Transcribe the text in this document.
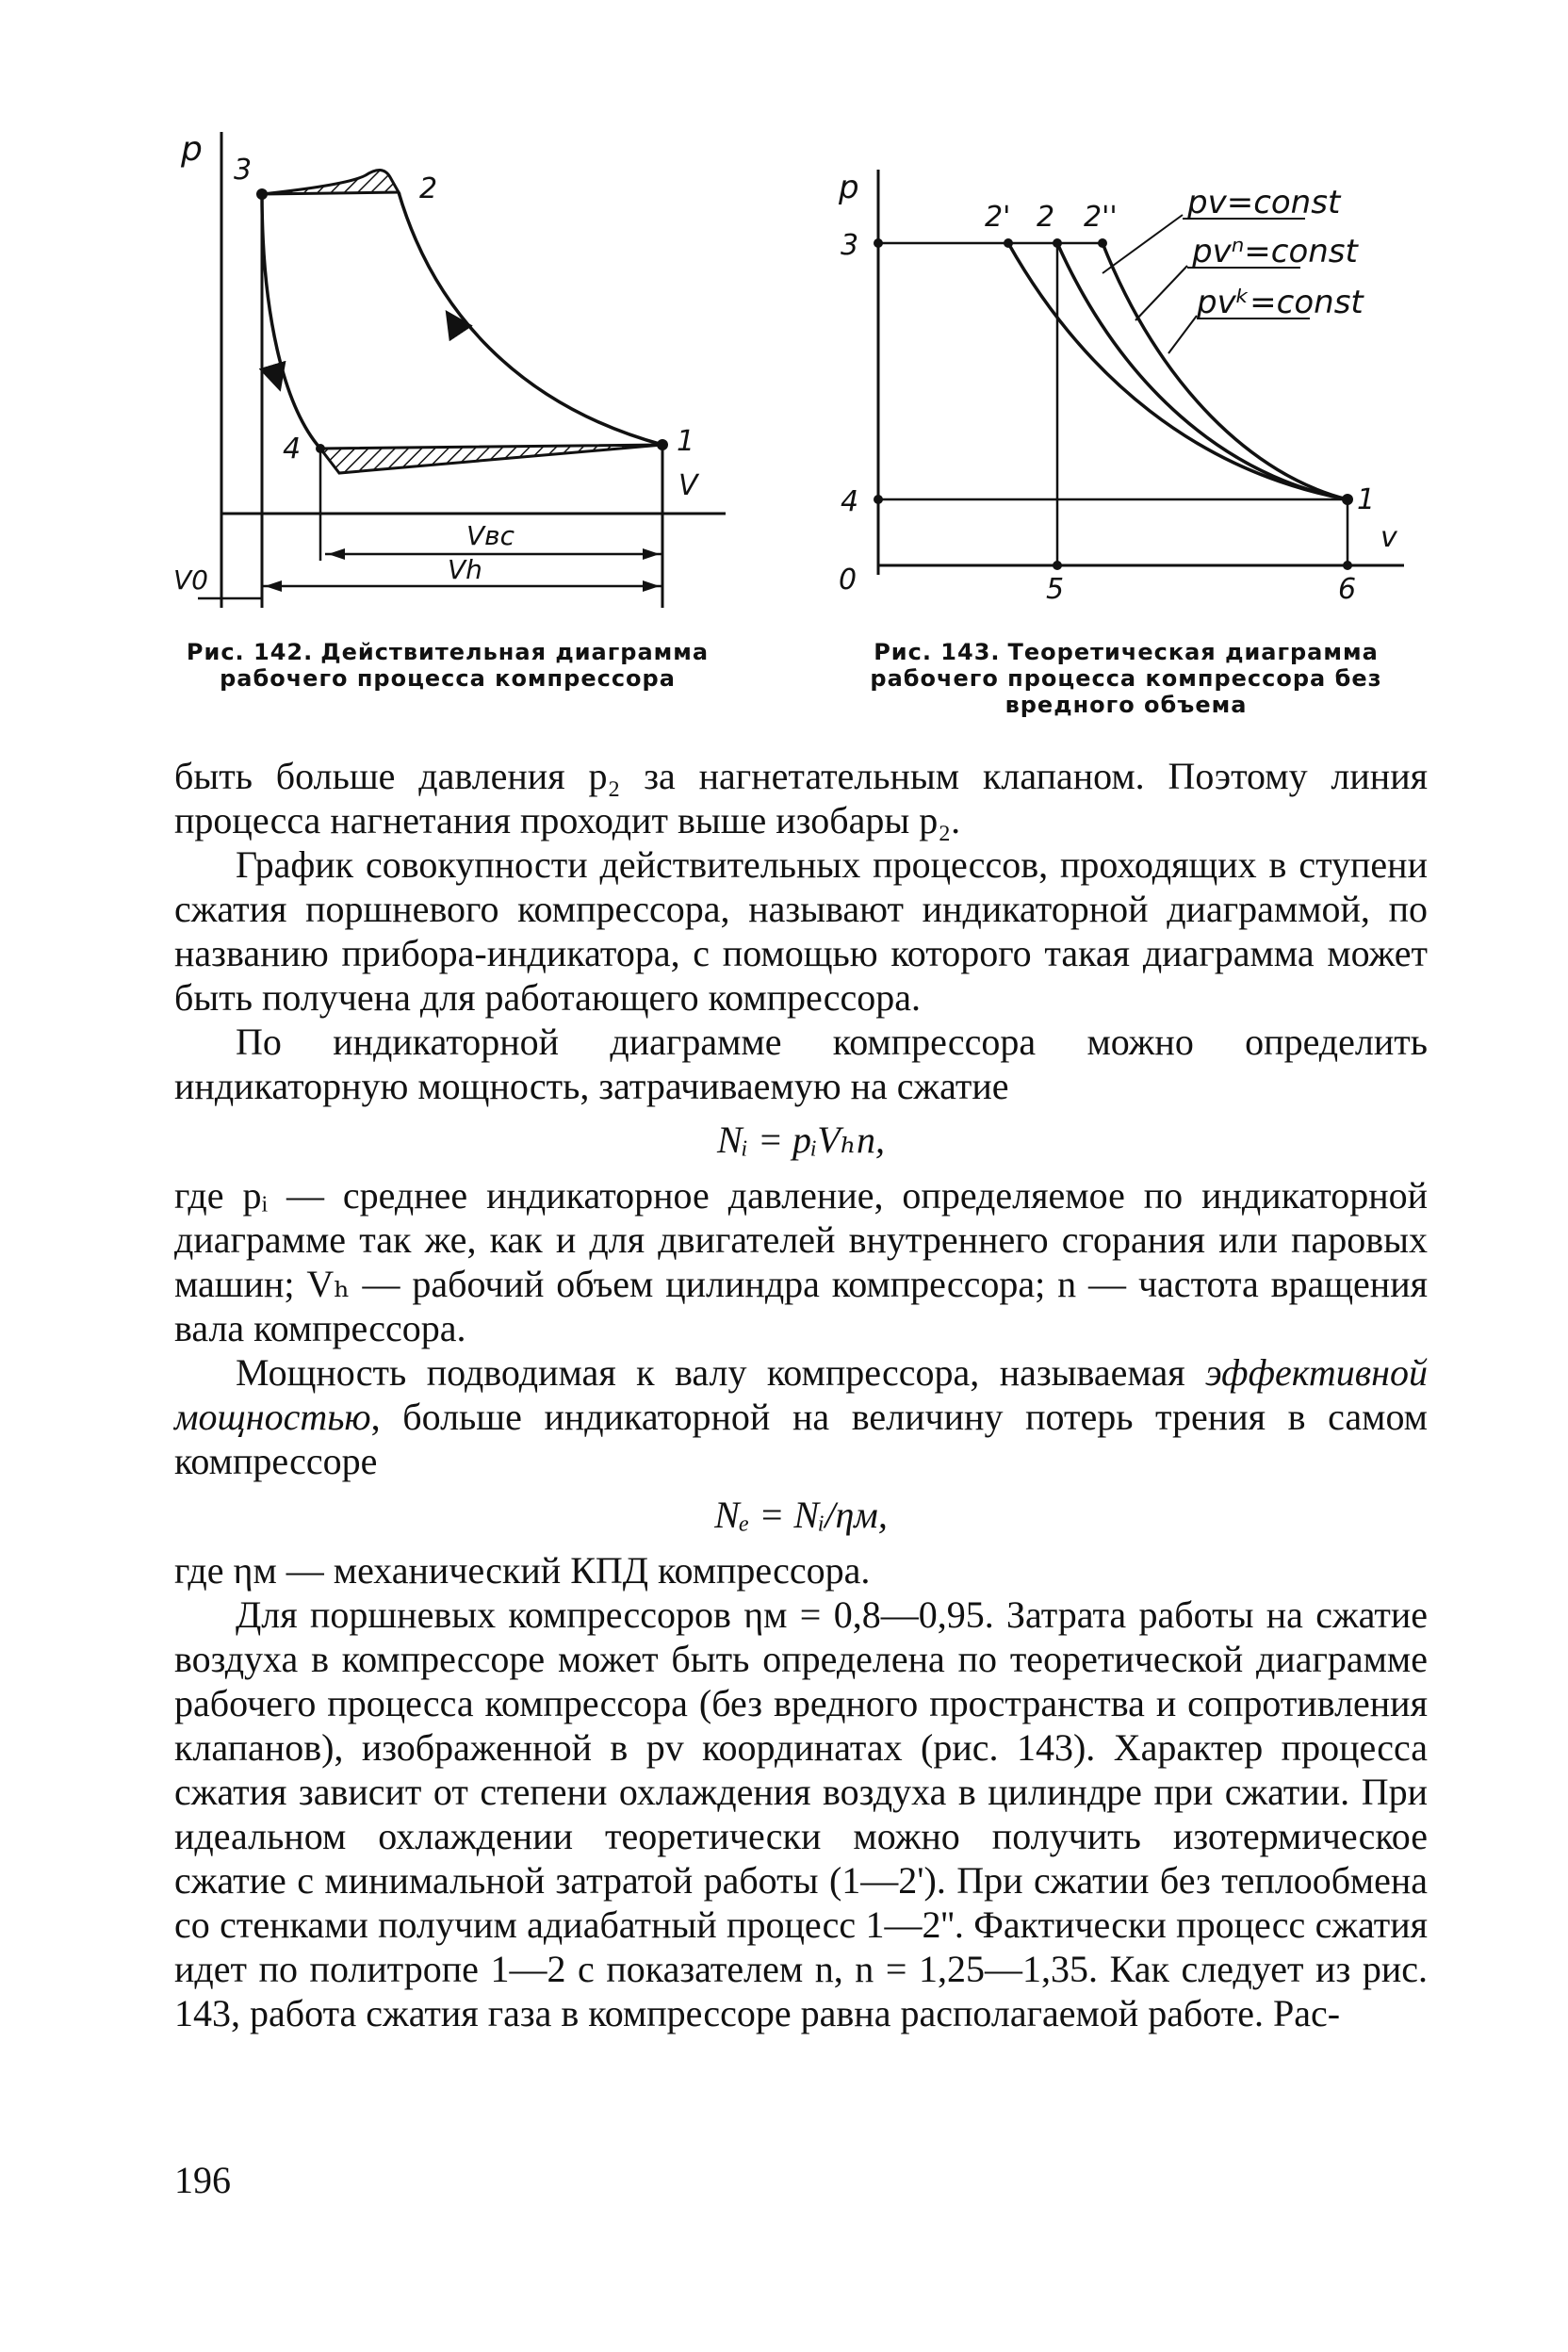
p
3
2
4	1
V
Vвс
Vh
V0
Рис. 142. Действительная диаграмма рабочего процесса компрессора
p
3
4
0
2' 2 2'' pv=const
pvⁿ=const
pvᵏ=const
1
v
5	6
Рис. 143. Теоретическая диаграмма рабочего процесса компрессора без вредного объема

быть больше давления p₂ за нагнетательным клапаном. Поэтому линия процесса нагнетания проходит выше изобары p₂.

График совокупности действительных процессов, проходящих в ступени сжатия поршневого компрессора, называют индикаторной диаграммой, по названию прибора-индикатора, с помощью которого такая диаграмма может быть получена для работающего компрессора.

По индикаторной диаграмме компрессора можно определить индикаторную мощность, затрачиваемую на сжатие

Nᵢ = pᵢVₕn,

где pᵢ — среднее индикаторное давление, определяемое по индикаторной диаграмме так же, как и для двигателей внутреннего сгорания или паровых машин; Vₕ — рабочий объем цилиндра компрессора; n — частота вращения вала компрессора.

Мощность подводимая к валу компрессора, называемая эффективной мощностью, больше индикаторной на величину потерь трения в самом компрессоре

Nₑ = Nᵢ/ηм,

где ηм — механический КПД компрессора.

Для поршневых компрессоров ηм = 0,8—0,95. Затрата работы на сжатие воздуха в компрессоре может быть определена по теоретической диаграмме рабочего процесса компрессора (без вредного пространства и сопротивления клапанов), изображенной в pv координатах (рис. 143). Характер процесса сжатия зависит от степени охлаждения воздуха в цилиндре при сжатии. При идеальном охлаждении теоретически можно получить изотермическое сжатие с минимальной затратой работы (1—2'). При сжатии без теплообмена со стенками получим адиабатный процесс 1—2''. Фактически процесс сжатия идет по политропе 1—2 с показателем n, n = 1,25—1,35. Как следует из рис. 143, работа сжатия газа в компрессоре равна располагаемой работе. Рас-

196
